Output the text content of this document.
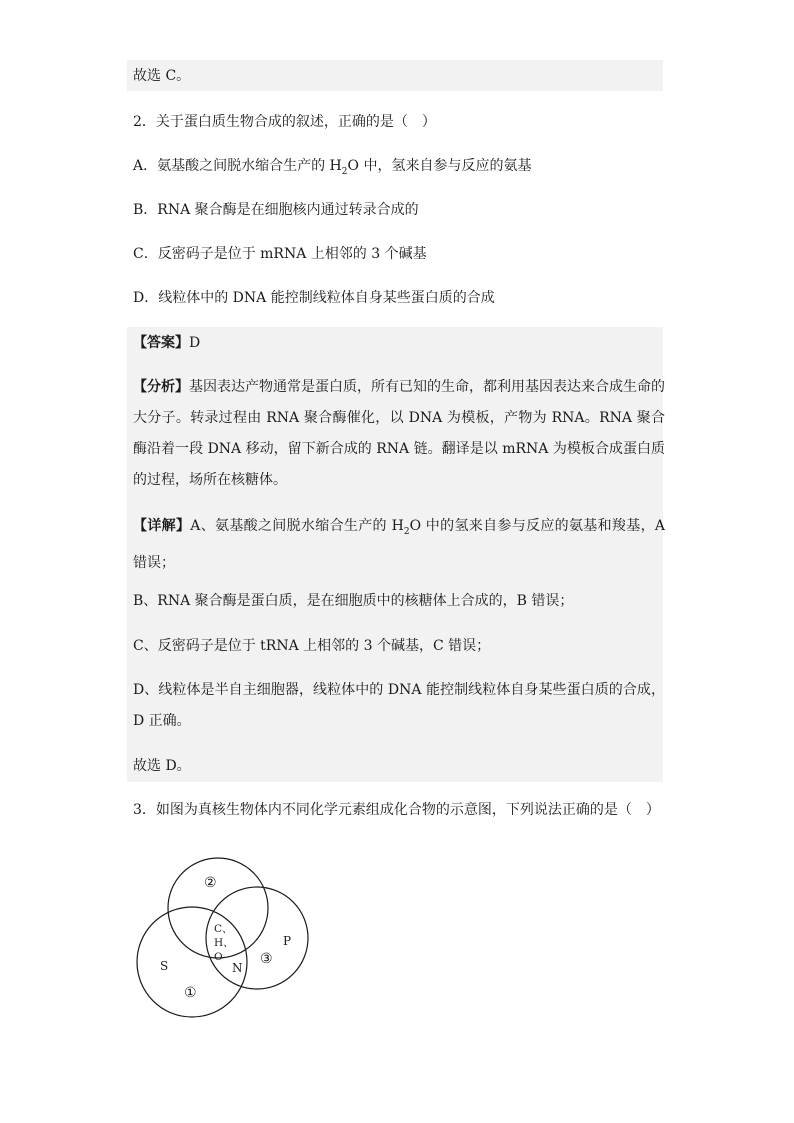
故选 C。
2．关于蛋白质生物合成的叙述，正确的是（　）
A．氨基酸之间脱水缩合生产的 $H_2O$ 中，氢来自参与反应的氨基
B．RNA 聚合酶是在细胞核内通过转录合成的
C．反密码子是位于 mRNA 上相邻的 3 个碱基
D．线粒体中的 DNA 能控制线粒体自身某些蛋白质的合成
【答案】D
【分析】基因表达产物通常是蛋白质，所有已知的生命，都利用基因表达来合成生命的大分子。转录过程由 RNA 聚合酶催化，以 DNA 为模板，产物为 RNA。RNA 聚合酶沿着一段 DNA 移动，留下新合成的 RNA 链。翻译是以 mRNA 为模板合成蛋白质的过程，场所在核糖体。
【详解】A、氨基酸之间脱水缩合生产的 $H_2O$ 中的氢来自参与反应的氨基和羧基，A 错误；
B、RNA 聚合酶是蛋白质，是在细胞质中的核糖体上合成的，B 错误；
C、反密码子是位于 tRNA 上相邻的 3 个碱基，C 错误；
D、线粒体是半自主细胞器，线粒体中的 DNA 能控制线粒体自身某些蛋白质的合成，D 正确。
故选 D。
3．如图为真核生物体内不同化学元素组成化合物的示意图，下列说法正确的是（　）
②
①
③
C、
H、
O
S
P
N
